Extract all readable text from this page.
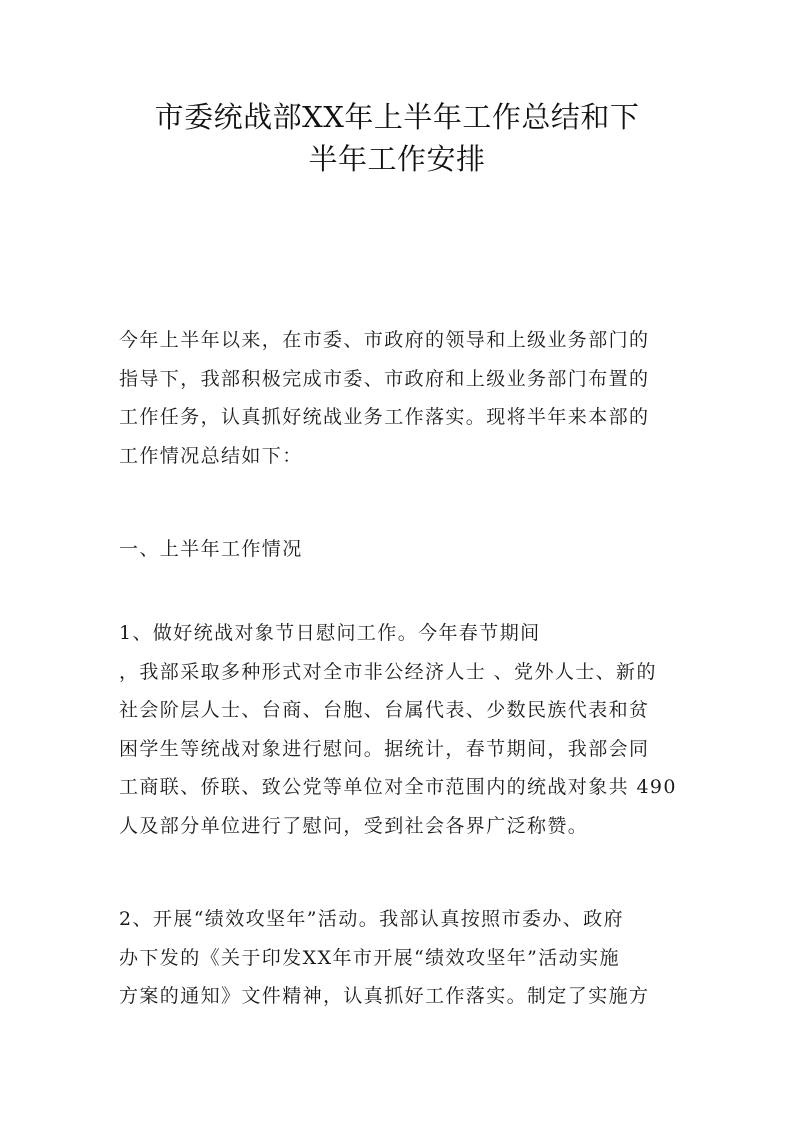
市委统战部XX年上半年工作总结和下
半年工作安排
今年上半年以来，在市委、市政府的领导和上级业务部门的
指导下，我部积极完成市委、市政府和上级业务部门布置的
工作任务，认真抓好统战业务工作落实。现将半年来本部的
工作情况总结如下：
一、上半年工作情况
1、做好统战对象节日慰问工作。今年春节期间
，我部采取多种形式对全市非公经济人士 、党外人士、新的
社会阶层人士、台商、台胞、台属代表、少数民族代表和贫
困学生等统战对象进行慰问。据统计，春节期间，我部会同
工商联、侨联、致公党等单位对全市范围内的统战对象共 490
人及部分单位进行了慰问，受到社会各界广泛称赞。
2、开展“绩效攻坚年”活动。我部认真按照市委办、政府
办下发的《关于印发XX年市开展“绩效攻坚年”活动实施
方案的通知》文件精神，认真抓好工作落实。制定了实施方
